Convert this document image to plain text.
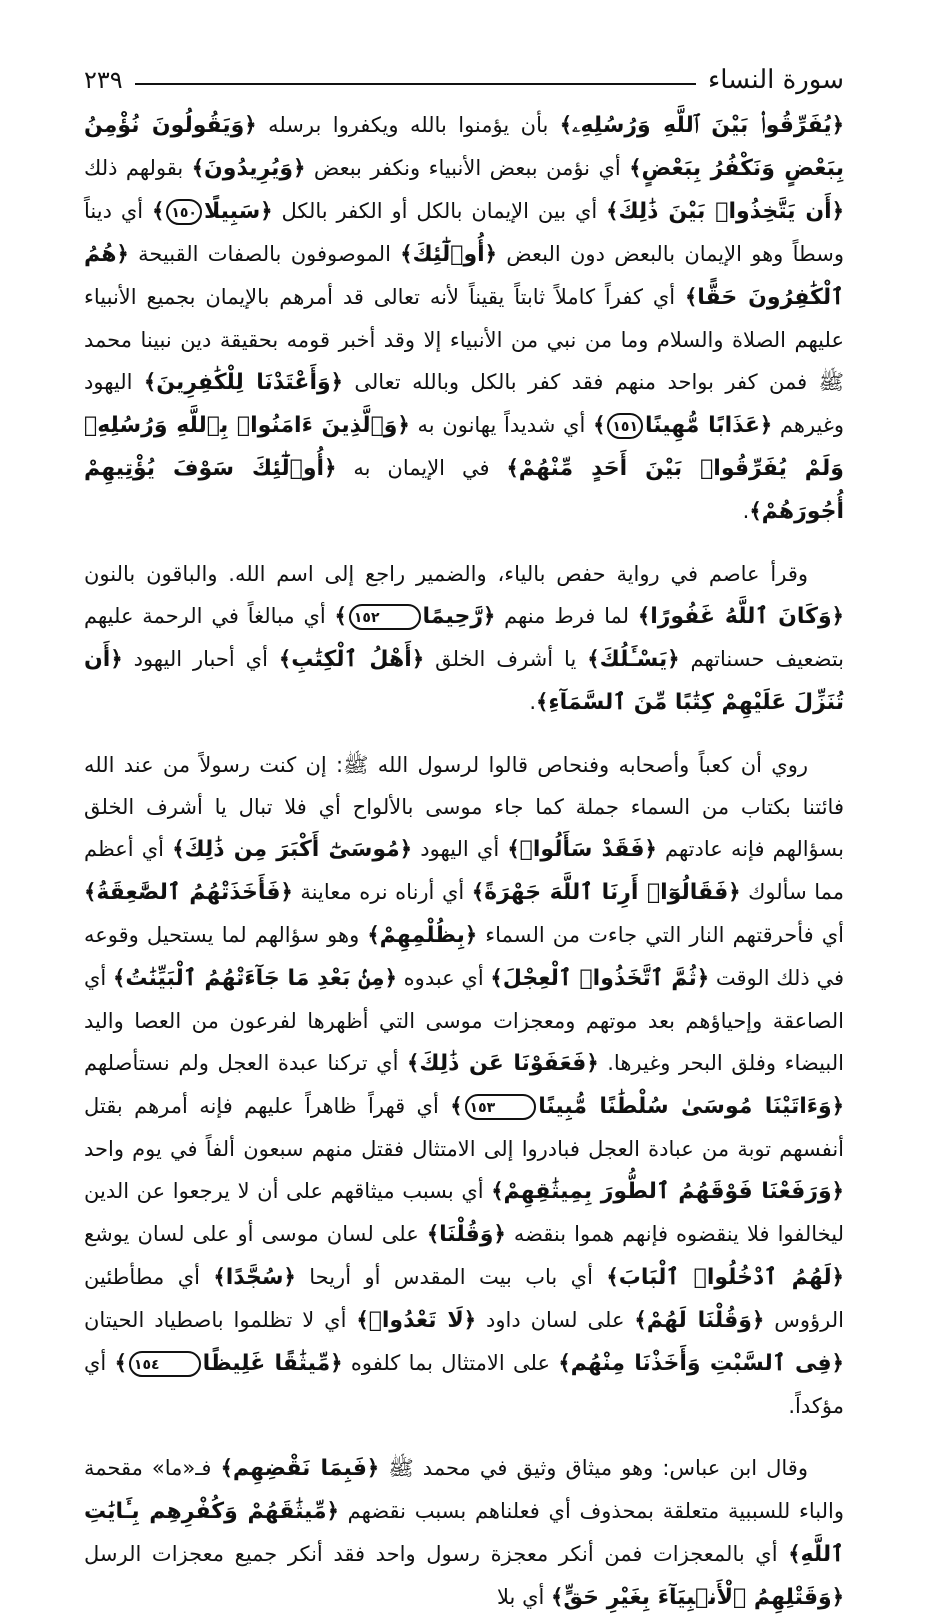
سورة النساء
٢٣٩

﴿يُفَرِّقُوا۟ بَيْنَ ٱللَّهِ وَرُسُلِهِۦ﴾ بأن يؤمنوا بالله ويكفروا برسله ﴿وَيَقُولُونَ نُؤْمِنُ بِبَعْضٍ وَنَكْفُرُ بِبَعْضٍ﴾ أي نؤمن ببعض الأنبياء ونكفر ببعض ﴿وَيُرِيدُونَ﴾ بقولهم ذلك ﴿أَن يَتَّخِذُوا۟ بَيْنَ ذَٰلِكَ﴾ أي بين الإيمان بالكل أو الكفر بالكل ﴿سَبِيلًا١٥٠﴾ أي ديناً وسطاً وهو الإيمان بالبعض دون البعض ﴿أُو۟لَٰٓئِكَ﴾ الموصوفون بالصفات القبيحة ﴿هُمُ ٱلْكَٰفِرُونَ حَقًّا﴾ أي كفراً كاملاً ثابتاً يقيناً لأنه تعالى قد أمرهم بالإيمان بجميع الأنبياء عليهم الصلاة والسلام وما من نبي من الأنبياء إلا وقد أخبر قومه بحقيقة دين نبينا محمد ﷺ فمن كفر بواحد منهم فقد كفر بالكل وبالله تعالى ﴿وَأَعْتَدْنَا لِلْكَٰفِرِينَ﴾ اليهود وغيرهم ﴿عَذَابًا مُّهِينًا١٥١﴾ أي شديداً يهانون به ﴿وَٱلَّذِينَ ءَامَنُوا۟ بِٱللَّهِ وَرُسُلِهِۦ وَلَمْ يُفَرِّقُوا۟ بَيْنَ أَحَدٍ مِّنْهُمْ﴾ في الإيمان به ﴿أُو۟لَٰٓئِكَ سَوْفَ يُؤْتِيهِمْ أُجُورَهُمْ﴾.

وقرأ عاصم في رواية حفص بالياء، والضمير راجع إلى اسم الله. والباقون بالنون ﴿وَكَانَ ٱللَّهُ غَفُورًا﴾ لما فرط منهم ﴿رَّحِيمًا١٥٢﴾ أي مبالغاً في الرحمة عليهم بتضعيف حسناتهم ﴿يَسْـَٔلُكَ﴾ يا أشرف الخلق ﴿أَهْلُ ٱلْكِتَٰبِ﴾ أي أحبار اليهود ﴿أَن تُنَزِّلَ عَلَيْهِمْ كِتَٰبًا مِّنَ ٱلسَّمَآءِ﴾.

روي أن كعباً وأصحابه وفنحاص قالوا لرسول الله ﷺ: إن كنت رسولاً من عند الله فائتنا بكتاب من السماء جملة كما جاء موسى بالألواح أي فلا تبال يا أشرف الخلق بسؤالهم فإنه عادتهم ﴿فَقَدْ سَأَلُوا۟﴾ أي اليهود ﴿مُوسَىٰٓ أَكْبَرَ مِن ذَٰلِكَ﴾ أي أعظم مما سألوك ﴿فَقَالُوٓا۟ أَرِنَا ٱللَّهَ جَهْرَةً﴾ أي أرناه نره معاينة ﴿فَأَخَذَتْهُمُ ٱلصَّٰعِقَةُ﴾ أي فأحرقتهم النار التي جاءت من السماء ﴿بِظُلْمِهِمْ﴾ وهو سؤالهم لما يستحيل وقوعه في ذلك الوقت ﴿ثُمَّ ٱتَّخَذُوا۟ ٱلْعِجْلَ﴾ أي عبدوه ﴿مِنۢ بَعْدِ مَا جَآءَتْهُمُ ٱلْبَيِّنَٰتُ﴾ أي الصاعقة وإحياؤهم بعد موتهم ومعجزات موسى التي أظهرها لفرعون من العصا واليد البيضاء وفلق البحر وغيرها. ﴿فَعَفَوْنَا عَن ذَٰلِكَ﴾ أي تركنا عبدة العجل ولم نستأصلهم ﴿وَءَاتَيْنَا مُوسَىٰ سُلْطَٰنًا مُّبِينًا١٥٣﴾ أي قهراً ظاهراً عليهم فإنه أمرهم بقتل أنفسهم توبة من عبادة العجل فبادروا إلى الامتثال فقتل منهم سبعون ألفاً في يوم واحد ﴿وَرَفَعْنَا فَوْقَهُمُ ٱلطُّورَ بِمِيثَٰقِهِمْ﴾ أي بسبب ميثاقهم على أن لا يرجعوا عن الدين ليخالفوا فلا ينقضوه فإنهم هموا بنقضه ﴿وَقُلْنَا﴾ على لسان موسى أو على لسان يوشع ﴿لَهُمُ ٱدْخُلُوا۟ ٱلْبَابَ﴾ أي باب بيت المقدس أو أريحا ﴿سُجَّدًا﴾ أي مطأطئين الرؤوس ﴿وَقُلْنَا لَهُمْ﴾ على لسان داود ﴿لَا تَعْدُوا۟﴾ أي لا تظلموا باصطياد الحيتان ﴿فِى ٱلسَّبْتِ وَأَخَذْنَا مِنْهُم﴾ على الامتثال بما كلفوه ﴿مِّيثَٰقًا غَلِيظًا١٥٤﴾ أي مؤكداً.

وقال ابن عباس: وهو ميثاق وثيق في محمد ﷺ ﴿فَبِمَا نَقْضِهِم﴾ فـ«ما» مقحمة والباء للسببية متعلقة بمحذوف أي فعلناهم بسبب نقضهم ﴿مِّيثَٰقَهُمْ وَكُفْرِهِم بِـَٔايَٰتِ ٱللَّهِ﴾ أي بالمعجزات فمن أنكر معجزة رسول واحد فقد أنكر جميع معجزات الرسل ﴿وَقَتْلِهِمُ ٱلْأَنۢبِيَآءَ بِغَيْرِ حَقٍّ﴾ أي بلا
